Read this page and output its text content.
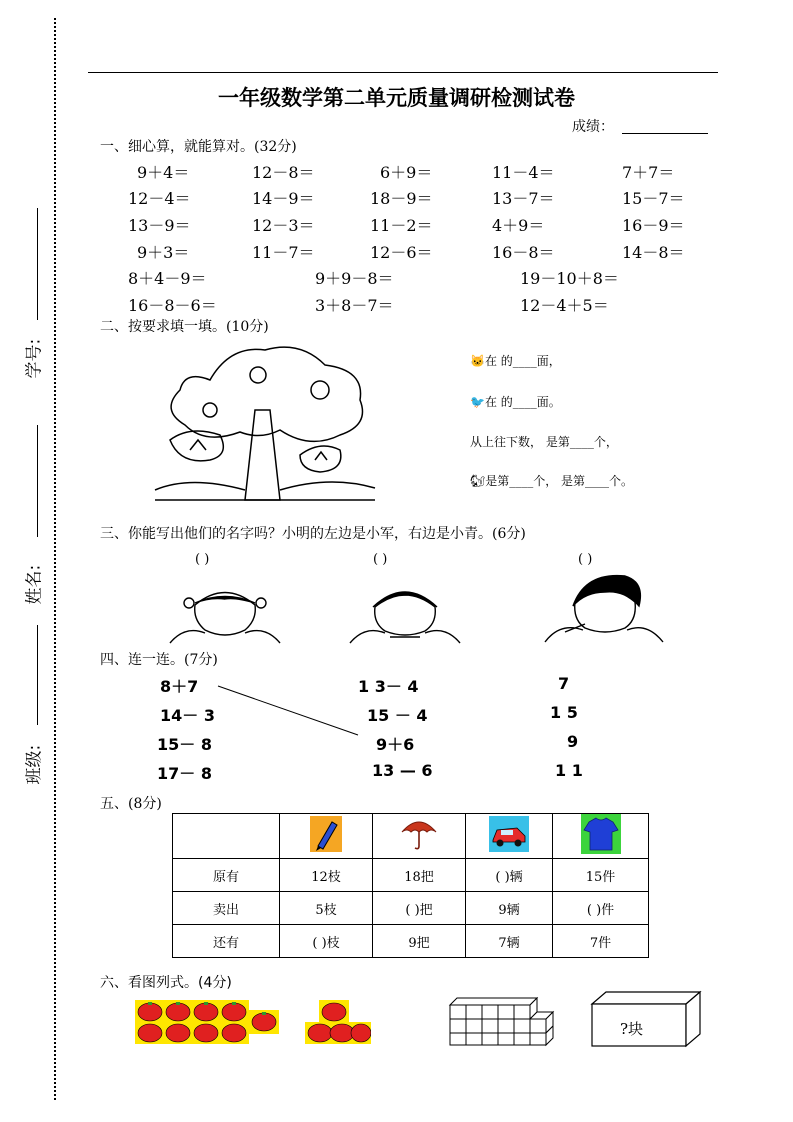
学号:
姓名:
班级:
一年级数学第二单元质量调研检测试卷
成绩：
一、细心算，就能算对。(32分)
9＋4＝	12－8＝	6＋9＝	11－4＝	7＋7＝
12－4＝	14－9＝	18－9＝	13－7＝	15－7＝
13－9＝	12－3＝	11－2＝	4＋9＝	16－9＝
9＋3＝	11－7＝	12－6＝	16－8＝	14－8＝
8＋4－9＝	9＋9－8＝	19－10＋8＝
16－8－6＝	3＋8－7＝	12－4＋5＝
二、按要求填一填。(10分)
🐱在 的____面，
🐦在 的____面。
从上往下数， 是第____个，
🐿是第____个， 是第____个。
三、你能写出他们的名字吗？小明的左边是小军，右边是小青。(6分)
( )	( )	( )
四、连一连。(7分)
8＋7
14－ 3
15－ 8
17－ 8
1 3－ 4
15 － 4
9＋6
13 — 6
7
1 5
9
1 1
五、(8分)

原有	12枝	18把	( )辆	15件
卖出	5枝	( )把	9辆	( )件
还有	( )枝	9把	7辆	7件
六、看图列式。(4分)
?块
